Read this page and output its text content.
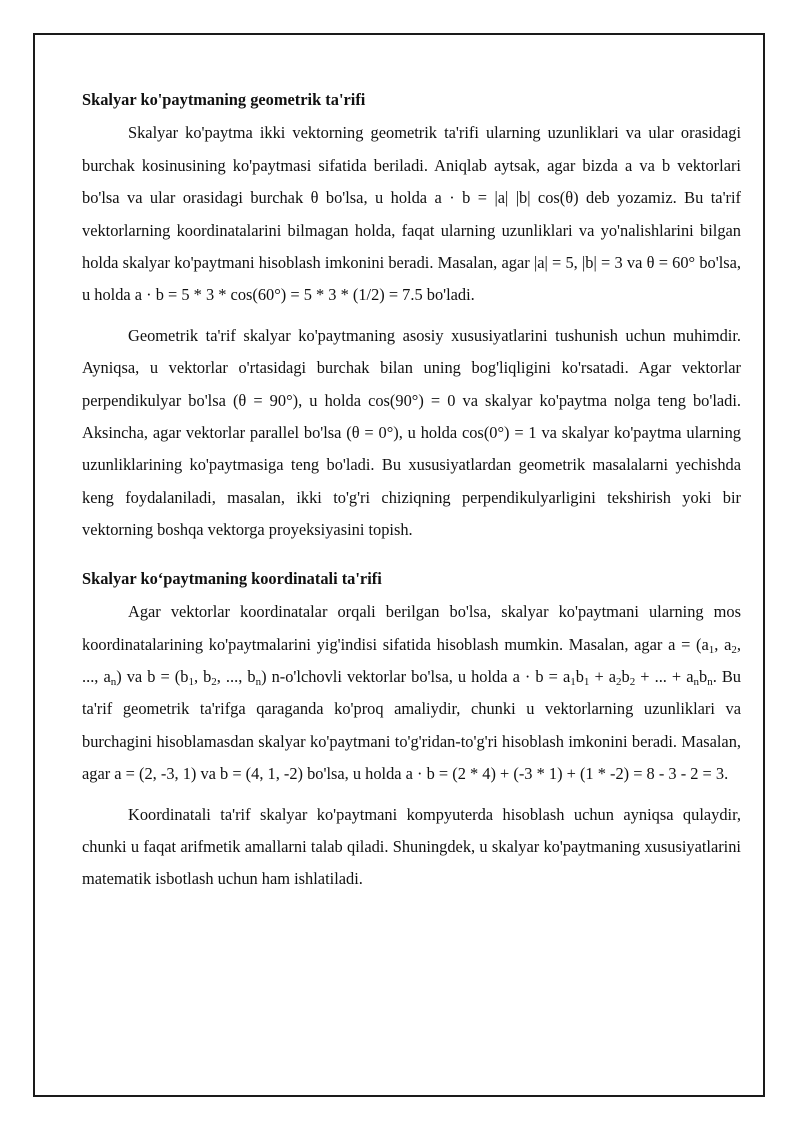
Skalyar ko'paytmaning geometrik ta'rifi

Skalyar ko'paytma ikki vektorning geometrik ta'rifi ularning uzunliklari va ular orasidagi burchak kosinusining ko'paytmasi sifatida beriladi. Aniqlab aytsak, agar bizda a va b vektorlari bo'lsa va ular orasidagi burchak θ bo'lsa, u holda a · b = |a| |b| cos(θ) deb yozamiz. Bu ta'rif vektorlarning koordinatalarini bilmagan holda, faqat ularning uzunliklari va yo'nalishlarini bilgan holda skalyar ko'paytmani hisoblash imkonini beradi. Masalan, agar |a| = 5, |b| = 3 va θ = 60° bo'lsa, u holda a · b = 5 * 3 * cos(60°) = 5 * 3 * (1/2) = 7.5 bo'ladi.

Geometrik ta'rif skalyar ko'paytmaning asosiy xususiyatlarini tushunish uchun muhimdir. Ayniqsa, u vektorlar o'rtasidagi burchak bilan uning bog'liqligini ko'rsatadi. Agar vektorlar perpendikulyar bo'lsa (θ = 90°), u holda cos(90°) = 0 va skalyar ko'paytma nolga teng bo'ladi. Aksincha, agar vektorlar parallel bo'lsa (θ = 0°), u holda cos(0°) = 1 va skalyar ko'paytma ularning uzunliklarining ko'paytmasiga teng bo'ladi. Bu xususiyatlardan geometrik masalalarni yechishda keng foydalaniladi, masalan, ikki to'g'ri chiziqning perpendikulyarligini tekshirish yoki bir vektorning boshqa vektorga proyeksiyasini topish.

Skalyar koʻpaytmaning koordinatali ta'rifi

Agar vektorlar koordinatalar orqali berilgan bo'lsa, skalyar ko'paytmani ularning mos koordinatalarining ko'paytmalarini yig'indisi sifatida hisoblash mumkin. Masalan, agar $a = (a_1$, $a_2$, ..., $a_n$) va $b = (b_1$, $b_2$, ..., $b_n$) n-o'lchovli vektorlar bo'lsa, u holda $a \cdot b = a_1b_1 + a_2b_2$ + ... + $a_nb_n$. Bu ta'rif geometrik ta'rifga qaraganda ko'proq amaliydir, chunki u vektorlarning uzunliklari va burchagini hisoblamasdan skalyar ko'paytmani to'g'ridan-to'g'ri hisoblash imkonini beradi. Masalan, agar a = (2, -3, 1) va b = (4, 1, -2) bo'lsa, u holda a · b = (2 * 4) + (-3 * 1) + (1 * -2) = 8 - 3 - 2 = 3.

Koordinatali ta'rif skalyar ko'paytmani kompyuterda hisoblash uchun ayniqsa qulaydir, chunki u faqat arifmetik amallarni talab qiladi. Shuningdek, u skalyar ko'paytmaning xususiyatlarini matematik isbotlash uchun ham ishlatiladi.
